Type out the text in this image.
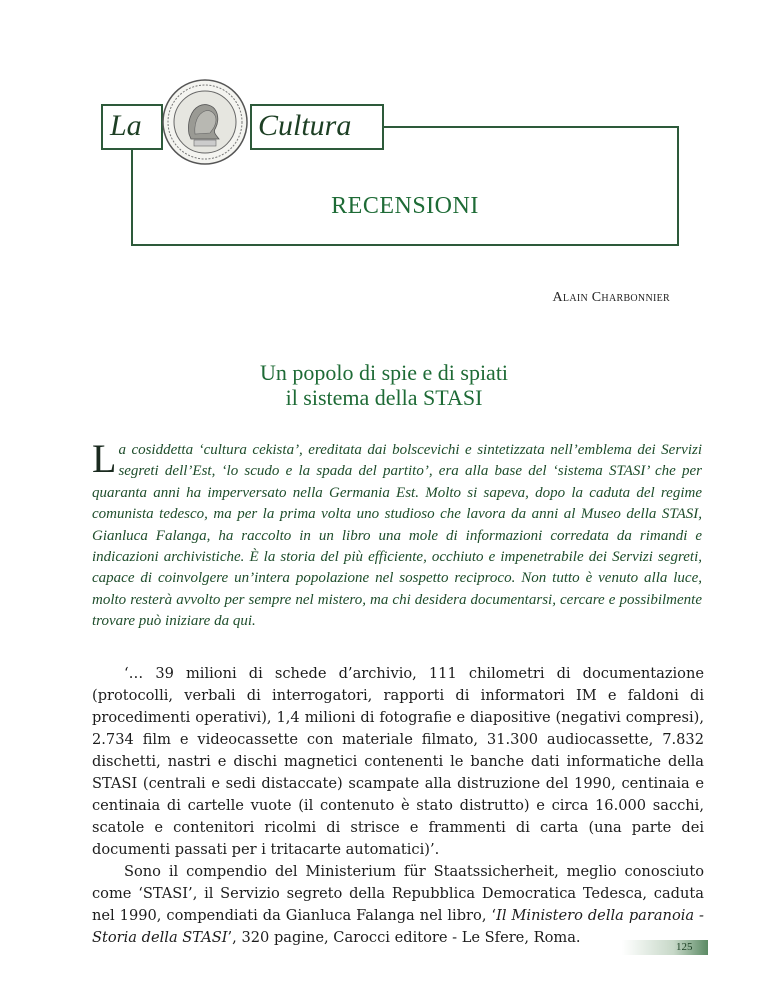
La	Cultura
RECENSIONI
Alain Charbonnier
Un popolo di spie e di spiati
il sistema della STASI
La cosiddetta ‘cultura cekista’, ereditata dai bolscevichi e sintetizzata nell’emblema dei Servizi segreti dell’Est, ‘lo scudo e la spada del partito’, era alla base del ‘sistema STASI’ che per quaranta anni ha imperversato nella Germania Est. Molto si sapeva, dopo la caduta del regime comunista tedesco, ma per la prima volta uno studioso che lavora da anni al Museo della STASI, Gianluca Falanga, ha raccolto in un libro una mole di informazioni corredata da rimandi e indicazioni archivistiche. È la storia del più efficiente, occhiuto e impenetrabile dei Servizi segreti, capace di coinvolgere un’intera popolazione nel sospetto reciproco. Non tutto è venuto alla luce, molto resterà avvolto per sempre nel mistero, ma chi desidera documentarsi, cercare e possibilmente trovare può iniziare da qui.

‘… 39 milioni di schede d’archivio, 111 chilometri di documentazione (protocolli, verbali di interrogatori, rapporti di informatori IM e faldoni di procedimenti operativi), 1,4 milioni di fotografie e diapositive (negativi compresi), 2.734 film e videocassette con materiale filmato, 31.300 audiocassette, 7.832 dischetti, nastri e dischi magnetici contenenti le banche dati informatiche della STASI (centrali e sedi distaccate) scampate alla distruzione del 1990, centinaia e centinaia di cartelle vuote (il contenuto è stato distrutto) e circa 16.000 sacchi, scatole e contenitori ricolmi di strisce e frammenti di carta (una parte dei documenti passati per i tritacarte automatici)’.

Sono il compendio del Ministerium für Staatssicherheit, meglio conosciuto come ‘STASI’, il Servizio segreto della Repubblica Democratica Tedesca, caduta nel 1990, compendiati da Gianluca Falanga nel libro, ‘Il Ministero della paranoia - Storia della STASI’, 320 pagine, Carocci editore - Le Sfere, Roma.

125
